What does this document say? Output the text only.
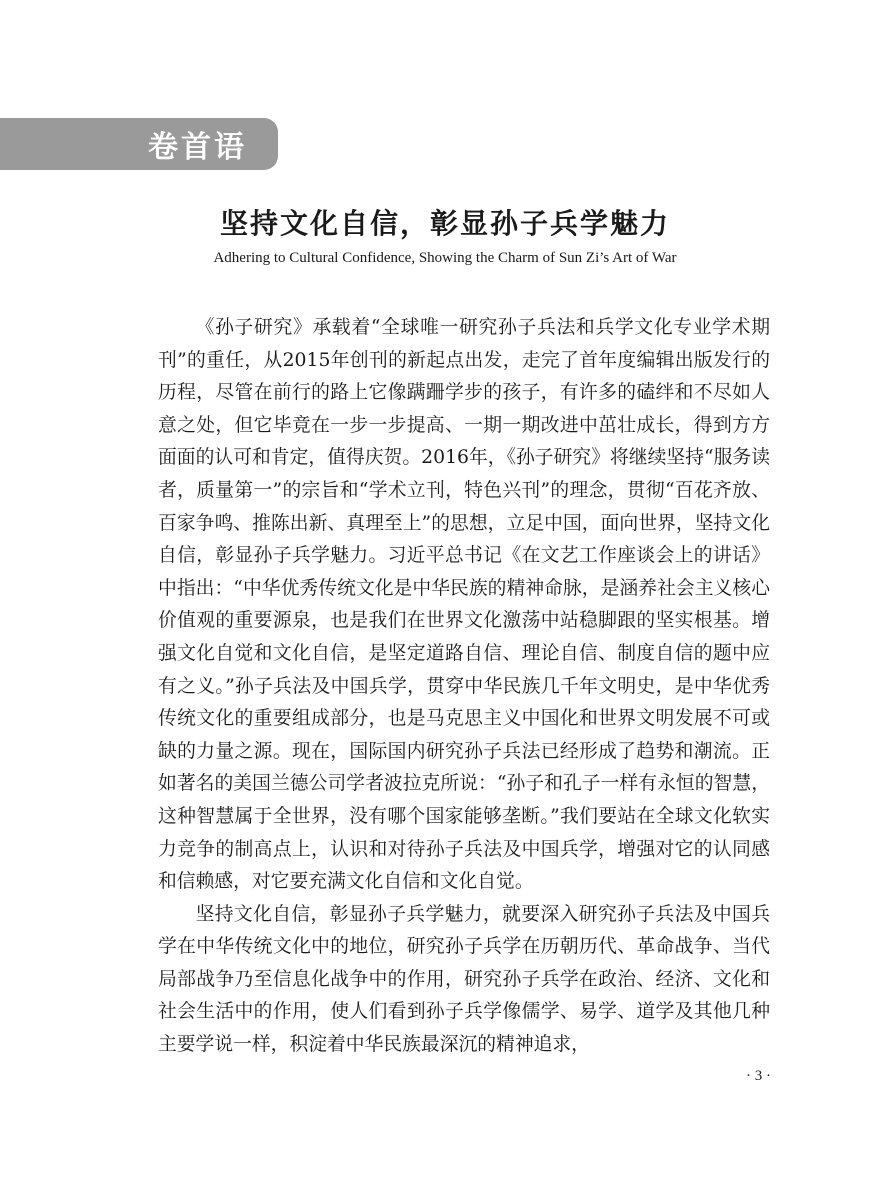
卷首语
坚持文化自信，彰显孙子兵学魅力
Adhering to Cultural Confidence, Showing the Charm of Sun Zi’s Art of War

《孙子研究》承载着“全球唯一研究孙子兵法和兵学文化专业学术期刊”的重任，从2015年创刊的新起点出发，走完了首年度编辑出版发行的历程，尽管在前行的路上它像蹒跚学步的孩子，有许多的磕绊和不尽如人意之处，但它毕竟在一步一步提高、一期一期改进中茁壮成长，得到方方面面的认可和肯定，值得庆贺。2016年，《孙子研究》将继续坚持“服务读者，质量第一”的宗旨和“学术立刊，特色兴刊”的理念，贯彻“百花齐放、百家争鸣、推陈出新、真理至上”的思想，立足中国，面向世界，坚持文化自信，彰显孙子兵学魅力。习近平总书记《在文艺工作座谈会上的讲话》中指出：“中华优秀传统文化是中华民族的精神命脉，是涵养社会主义核心价值观的重要源泉，也是我们在世界文化激荡中站稳脚跟的坚实根基。增强文化自觉和文化自信，是坚定道路自信、理论自信、制度自信的题中应有之义。”孙子兵法及中国兵学，贯穿中华民族几千年文明史，是中华优秀传统文化的重要组成部分，也是马克思主义中国化和世界文明发展不可或缺的力量之源。现在，国际国内研究孙子兵法已经形成了趋势和潮流。正如著名的美国兰德公司学者波拉克所说：“孙子和孔子一样有永恒的智慧，这种智慧属于全世界，没有哪个国家能够垄断。”我们要站在全球文化软实力竞争的制高点上，认识和对待孙子兵法及中国兵学，增强对它的认同感和信赖感，对它要充满文化自信和文化自觉。

坚持文化自信，彰显孙子兵学魅力，就要深入研究孙子兵法及中国兵学在中华传统文化中的地位，研究孙子兵学在历朝历代、革命战争、当代局部战争乃至信息化战争中的作用，研究孙子兵学在政治、经济、文化和社会生活中的作用，使人们看到孙子兵学像儒学、易学、道学及其他几种主要学说一样，积淀着中华民族最深沉的精神追求，

· 3 ·
